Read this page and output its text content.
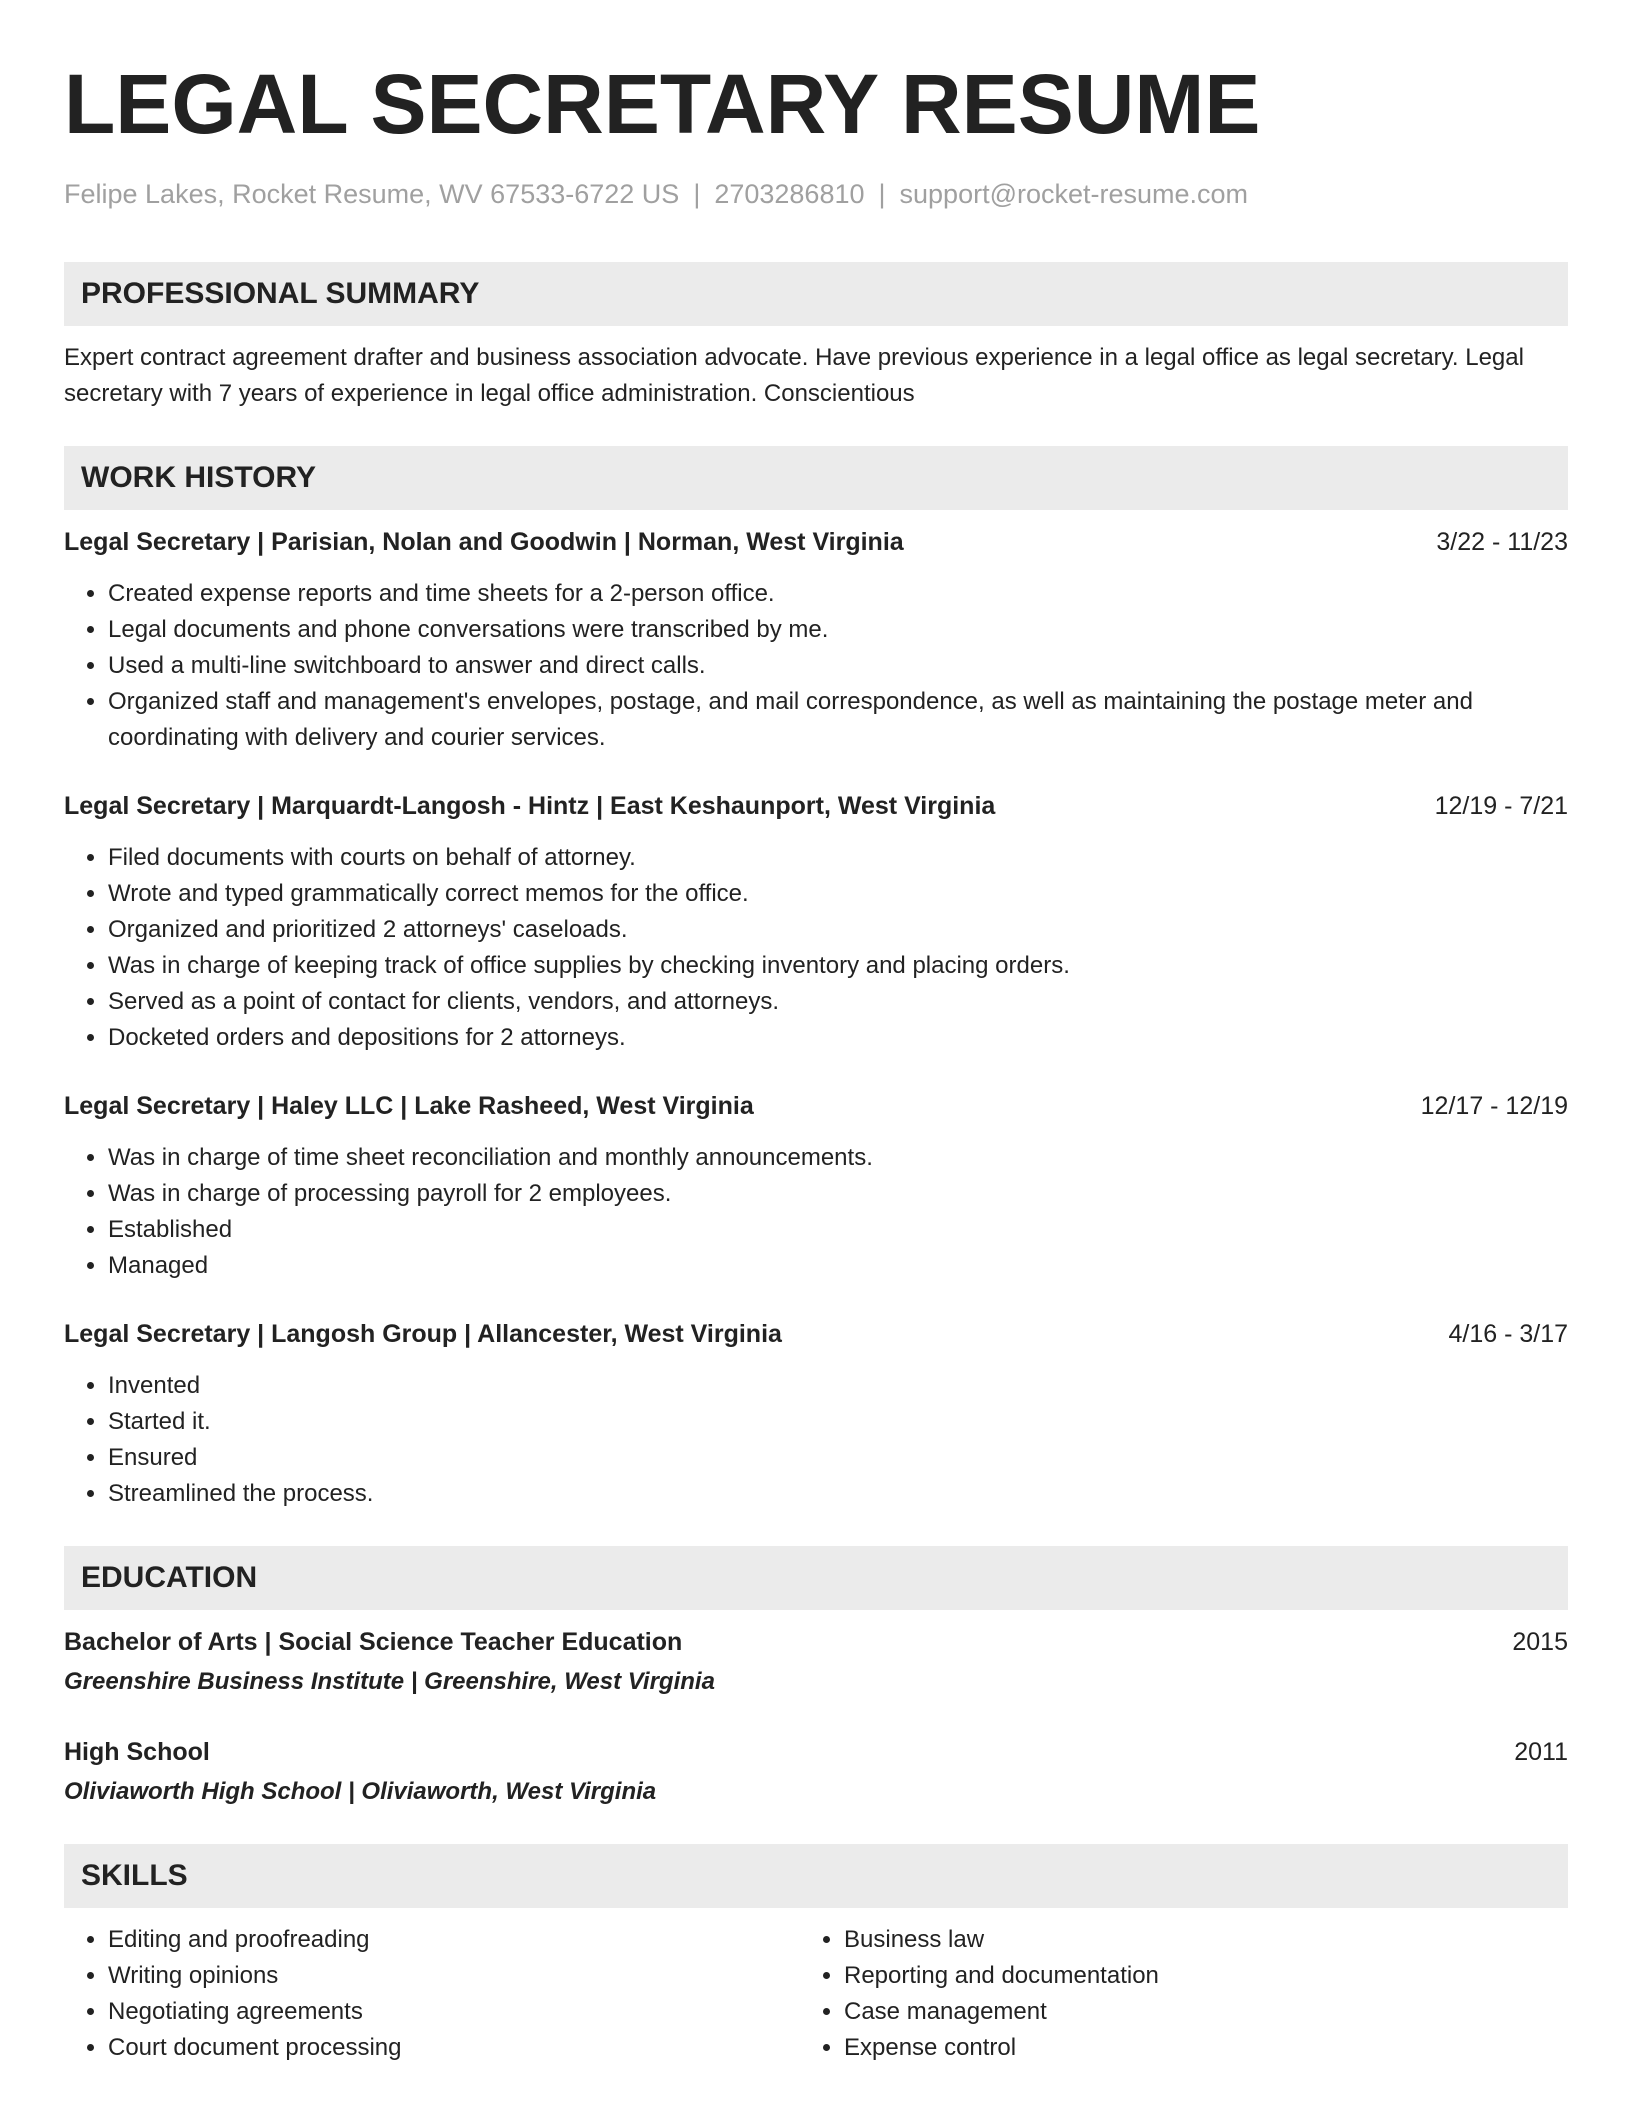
LEGAL SECRETARY RESUME
Felipe Lakes, Rocket Resume, WV 67533-6722 US | 2703286810 | support@rocket-resume.com
PROFESSIONAL SUMMARY
Expert contract agreement drafter and business association advocate. Have previous experience in a legal office as legal secretary. Legal secretary with 7 years of experience in legal office administration. Conscientious
WORK HISTORY
Legal Secretary | Parisian, Nolan and Goodwin | Norman, West Virginia	3/22 - 11/23
• Created expense reports and time sheets for a 2-person office.
• Legal documents and phone conversations were transcribed by me.
• Used a multi-line switchboard to answer and direct calls.
• Organized staff and management's envelopes, postage, and mail correspondence, as well as maintaining the postage meter and coordinating with delivery and courier services.
Legal Secretary | Marquardt-Langosh - Hintz | East Keshaunport, West Virginia	12/19 - 7/21
• Filed documents with courts on behalf of attorney.
• Wrote and typed grammatically correct memos for the office.
• Organized and prioritized 2 attorneys' caseloads.
• Was in charge of keeping track of office supplies by checking inventory and placing orders.
• Served as a point of contact for clients, vendors, and attorneys.
• Docketed orders and depositions for 2 attorneys.
Legal Secretary | Haley LLC | Lake Rasheed, West Virginia	12/17 - 12/19
• Was in charge of time sheet reconciliation and monthly announcements.
• Was in charge of processing payroll for 2 employees.
• Established
• Managed
Legal Secretary | Langosh Group | Allancester, West Virginia	4/16 - 3/17
• Invented
• Started it.
• Ensured
• Streamlined the process.
EDUCATION
Bachelor of Arts | Social Science Teacher Education	2015
Greenshire Business Institute | Greenshire, West Virginia
High School	2011
Oliviaworth High School | Oliviaworth, West Virginia
SKILLS
• Editing and proofreading
• Writing opinions
• Negotiating agreements
• Court document processing
• Business law
• Reporting and documentation
• Case management
• Expense control
